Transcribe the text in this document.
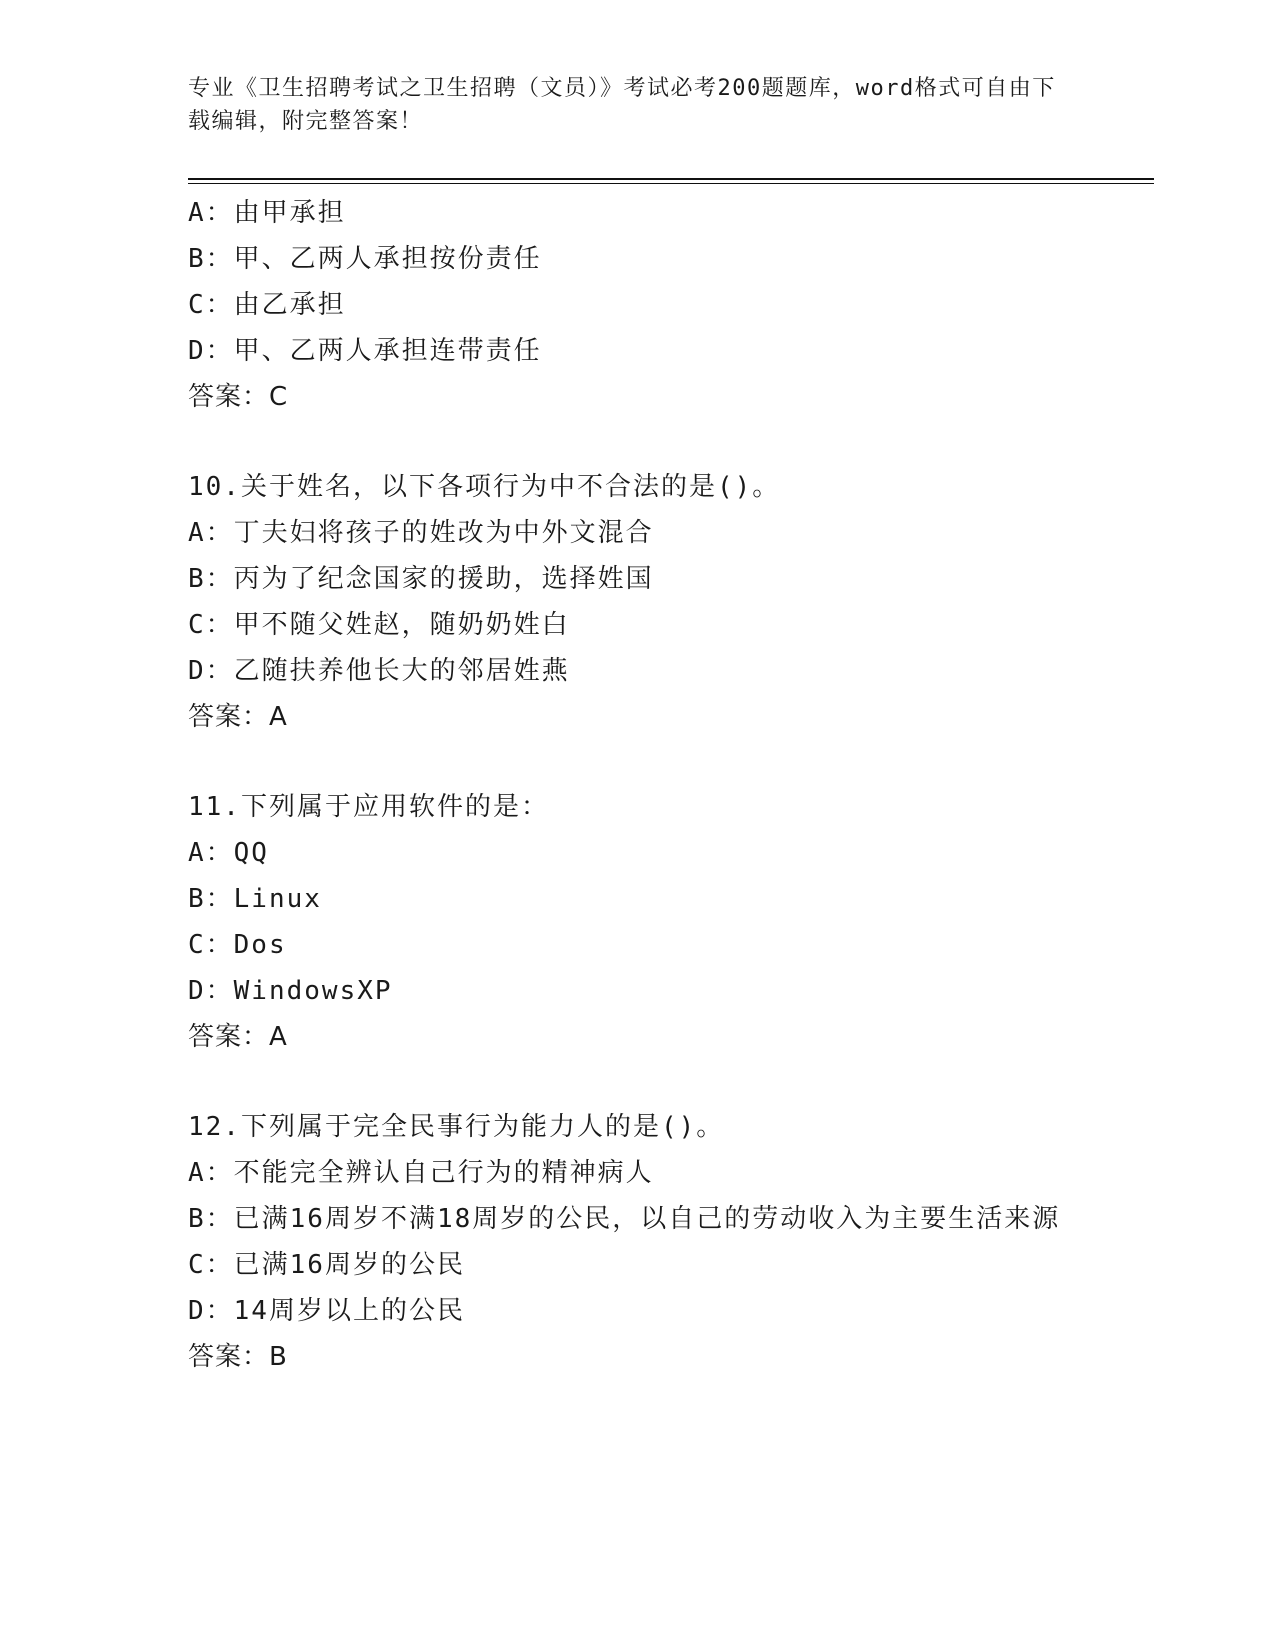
专业《卫生招聘考试之卫生招聘（文员）》考试必考200题题库，word格式可自由下载编辑，附完整答案！
A：由甲承担
B：甲、乙两人承担按份责任
C：由乙承担
D：甲、乙两人承担连带责任
答案：C
10.关于姓名，以下各项行为中不合法的是()。
A：丁夫妇将孩子的姓改为中外文混合
B：丙为了纪念国家的援助，选择姓国
C：甲不随父姓赵，随奶奶姓白
D：乙随扶养他长大的邻居姓燕
答案：A
11.下列属于应用软件的是：
A：QQ
B：Linux
C：Dos
D：WindowsXP
答案：A
12.下列属于完全民事行为能力人的是()。
A：不能完全辨认自己行为的精神病人
B：已满16周岁不满18周岁的公民，以自己的劳动收入为主要生活来源
C：已满16周岁的公民
D：14周岁以上的公民
答案：B
